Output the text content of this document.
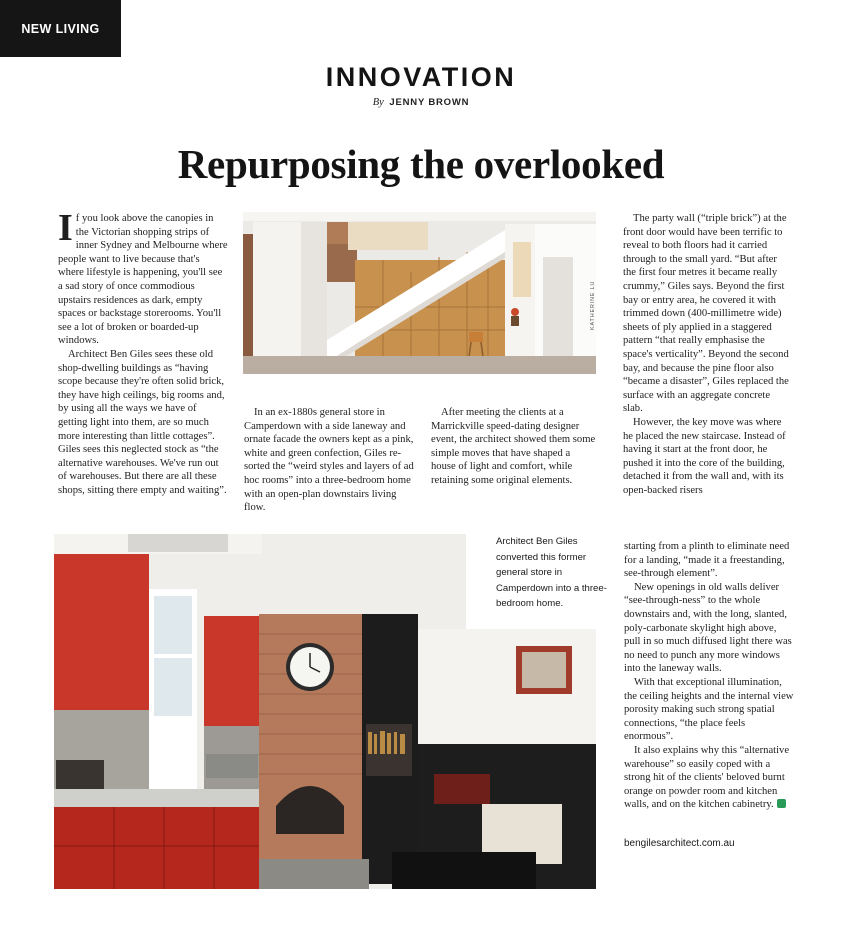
NEW LIVING
INNOVATION
By JENNY BROWN
Repurposing the overlooked

If you look above the canopies in the Victorian shopping strips of inner Sydney and Melbourne where people want to live because that's where lifestyle is happening, you'll see a sad story of once commodious upstairs residences as dark, empty spaces or backstage storerooms. You'll see a lot of broken or boarded-up windows.

Architect Ben Giles sees these old shop-dwelling buildings as “having scope because they're often solid brick, they have high ceilings, big rooms and, by using all the ways we have of getting light into them, are so much more interesting than little cottages”. Giles sees this neglected stock as “the alternative warehouses. We've run out of warehouses. But there are all these shops, sitting there empty and waiting”.

KATHERINE LU

In an ex-1880s general store in Camperdown with a side laneway and ornate facade the owners kept as a pink, white and green confection, Giles re-sorted the “weird styles and layers of ad hoc rooms” into a three-bedroom home with an open-plan downstairs living flow.

After meeting the clients at a Marrickville speed-dating designer event, the architect showed them some simple moves that have shaped a house of light and comfort, while retaining some original elements.

The party wall (“triple brick”) at the front door would have been terrific to reveal to both floors had it carried through to the small yard. “But after the first four metres it became really crummy,” Giles says. Beyond the first bay or entry area, he covered it with trimmed down (400-millimetre wide) sheets of ply applied in a staggered pattern “that really emphasise the space's verticality”. Beyond the second bay, and because the pine floor also “became a disaster”, Giles replaced the surface with an aggregate concrete slab.

However, the key move was where he placed the new staircase. Instead of having it start at the front door, he pushed it into the core of the building, detached it from the wall and, with its open-backed risers

Architect Ben Giles converted this former general store in Camperdown into a three-bedroom home.

starting from a plinth to eliminate need for a landing, “made it a freestanding, see-through element”.

New openings in old walls deliver “see-through-ness” to the whole downstairs and, with the long, slanted, poly-carbonate skylight high above, pull in so much diffused light there was no need to punch any more windows into the laneway walls.

With that exceptional illumination, the ceiling heights and the internal view porosity making such strong spatial connections, “the place feels enormous”.

It also explains why this “alternative warehouse” so easily coped with a strong hit of the clients' beloved burnt orange on powder room and kitchen walls, and on the kitchen cabinetry.

bengilesarchitect.com.au
